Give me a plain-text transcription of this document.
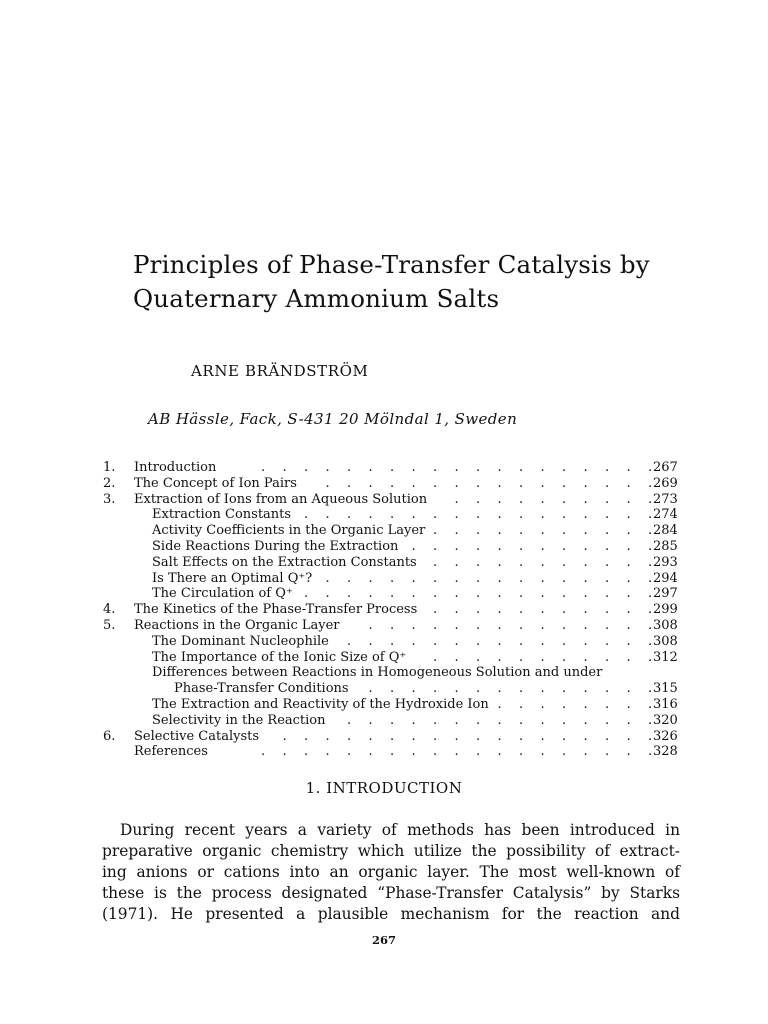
Principles of Phase-Transfer Catalysis by
Quaternary Ammonium Salts
ARNE BRÄNDSTRÖM
AB Hässle, Fack, S-431 20 Mölndal 1, Sweden
1. Introduction	267
. . . . . . . . . . . . . . . . . . .
2. The Concept of Ion Pairs	269
. . . . . . . . . . . . . . . .
3. Extraction of Ions from an Aqueous Solution	273
. . . . . . . . . .
Extraction Constants	274
. . . . . . . . . . . . . . . . .
Activity Coefficients in the Organic Layer	284
. . . . . . . . . . .
Side Reactions During the Extraction	285
. . . . . . . . . . . .
Salt Effects on the Extraction Constants	293
. . . . . . . . . . .
Is There an Optimal Q⁺?	294
. . . . . . . . . . . . . . . .
The Circulation of Q⁺	297
. . . . . . . . . . . . . . . . .
4. The Kinetics of the Phase-Transfer Process	299
. . . . . . . . . . .
5. Reactions in the Organic Layer	308
. . . . . . . . . . . . . .
The Dominant Nucleophile	308
. . . . . . . . . . . . . . .
The Importance of the Ionic Size of Q⁺	312
. . . . . . . . . . .
Differences between Reactions in Homogeneous Solution and under
Phase-Transfer Conditions	315
. . . . . . . . . . . . . .
The Extraction and Reactivity of the Hydroxide Ion	316
. . . . . . . .
Selectivity in the Reaction	320
. . . . . . . . . . . . . . .
6. Selective Catalysts	326
. . . . . . . . . . . . . . . . . .
References	328
. . . . . . . . . . . . . . . . . . .
1. INTRODUCTION

During recent years a variety of methods has been introduced in
preparative organic chemistry which utilize the possibility of extract-
ing anions or cations into an organic layer. The most well-known of
these is the process designated “Phase-Transfer Catalysis” by Starks
(1971). He presented a plausible mechanism for the reaction and

267
